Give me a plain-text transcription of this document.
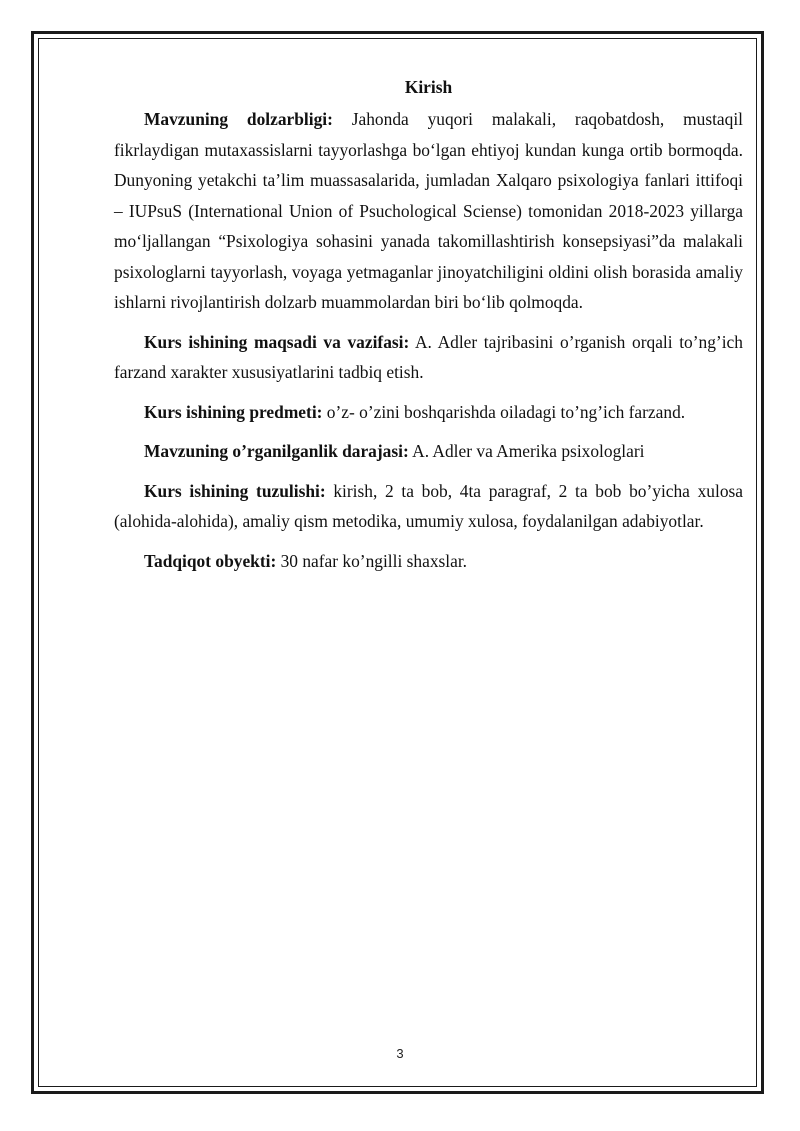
Kirish

Mavzuning dolzarbligi: Jahonda yuqori malakali, raqobatdosh, mustaqil fikrlaydigan mutaxassislarni tayyorlashga bo‘lgan ehtiyoj kundan kunga ortib bormoqda. Dunyoning yetakchi ta’lim muassasalarida, jumladan Xalqaro psixologiya fanlari ittifoqi – IUPsuS (International Union of Psuchological Sciense) tomonidan 2018-2023 yillarga mo‘ljallangan “Psixologiya sohasini yanada takomillashtirish konsepsiyasi”da malakali psixologlarni tayyorlash, voyaga yetmaganlar jinoyatchiligini oldini olish borasida amaliy ishlarni rivojlantirish dolzarb muammolardan biri bo‘lib qolmoqda.

Kurs ishining maqsadi va vazifasi: A. Adler tajribasini o’rganish orqali to’ng’ich farzand xarakter xususiyatlarini tadbiq etish.

Kurs ishining predmeti: o’z- o’zini boshqarishda oiladagi to’ng’ich farzand.

Mavzuning o’rganilganlik darajasi: A. Adler va Amerika psixologlari

Kurs ishining tuzulishi: kirish, 2 ta bob, 4ta paragraf, 2 ta bob bo’yicha xulosa (alohida-alohida), amaliy qism metodika, umumiy xulosa, foydalanilgan adabiyotlar.

Tadqiqot obyekti: 30 nafar ko’ngilli shaxslar.

3
